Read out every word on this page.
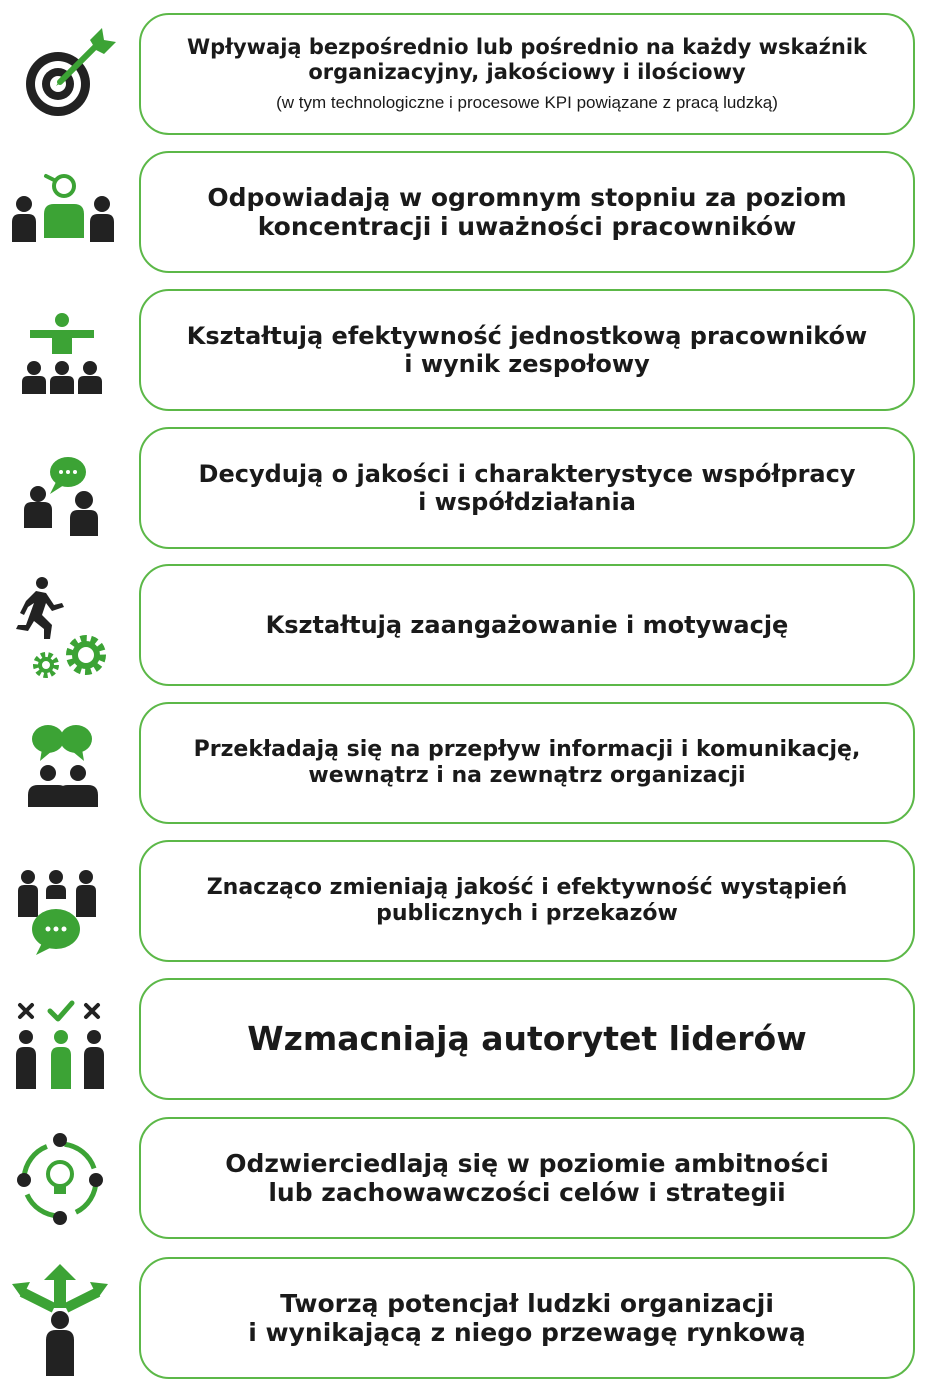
Wpływają bezpośrednio lub pośrednio na każdy wskaźnik
organizacyjny, jakościowy i ilościowy
(w tym technologiczne i procesowe KPI powiązane z pracą ludzką)
Odpowiadają w ogromnym stopniu za poziom
koncentracji i uważności pracowników
Kształtują efektywność jednostkową pracowników
i wynik zespołowy
Decydują o jakości i charakterystyce współpracy
i współdziałania
Kształtują zaangażowanie i motywację
Przekładają się na przepływ informacji i komunikację,
wewnątrz i na zewnątrz organizacji
Znacząco zmieniają jakość i efektywność wystąpień
publicznych i przekazów
Wzmacniają autorytet liderów
Odzwierciedlają się w poziomie ambitności
lub zachowawczości celów i strategii
Tworzą potencjał ludzki organizacji
i wynikającą z niego przewagę rynkową
